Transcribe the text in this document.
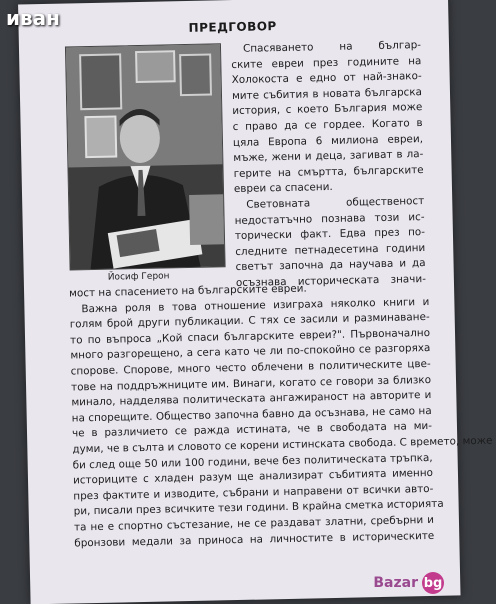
иван	ПРЕДГОВОР
Йосиф Герон

Спасяването на българ-
ските евреи през годините на
Холокоста е едно от най-знако-
мите събития в новата българска
история, с което България може
с право да се гордее. Когато в
цяла Европа 6 милиона евреи,
мъже, жени и деца, загиват в ла-
герите на смъртта, българските
евреи са спасени.

Световната общественост
недостатъчно познава този ис-
торически факт. Едва през по-
следните петнадесетина години
светът започна да научава и да
осъзнава историческата значи-

мост на спасението на българските евреи.

Важна роля в това отношение изиграха няколко книги и
голям брой други публикации. С тях се засили и разминаване-
то по въпроса „Кой спаси българските евреи?". Първоначално
много разгорещено, а сега като че ли по-спокойно се разгоряха
спорове. Спорове, много често облечени в политическите цве-
тове на поддръжниците им. Винаги, когато се говори за близко
минало, надделява политическата ангажираност на авторите и
на спорещите. Общество започна бавно да осъзнава, не само на
че в различието се ражда истината, че в свободата на ми-
думи, че в сълта и словото се корени истинската свобода. С времето, може
би след още 50 или 100 години, вече без политическата тръпка,
историците с хладен разум ще анализират събитията именно
през фактите и изводите, събрани и направени от всички авто-
ри, писали през всичките тези години. В крайна сметка историята
та не е спортно състезание, не се раздават златни, сребърни и
бронзови медали за приноса на личностите в историческите

Bazar bg
